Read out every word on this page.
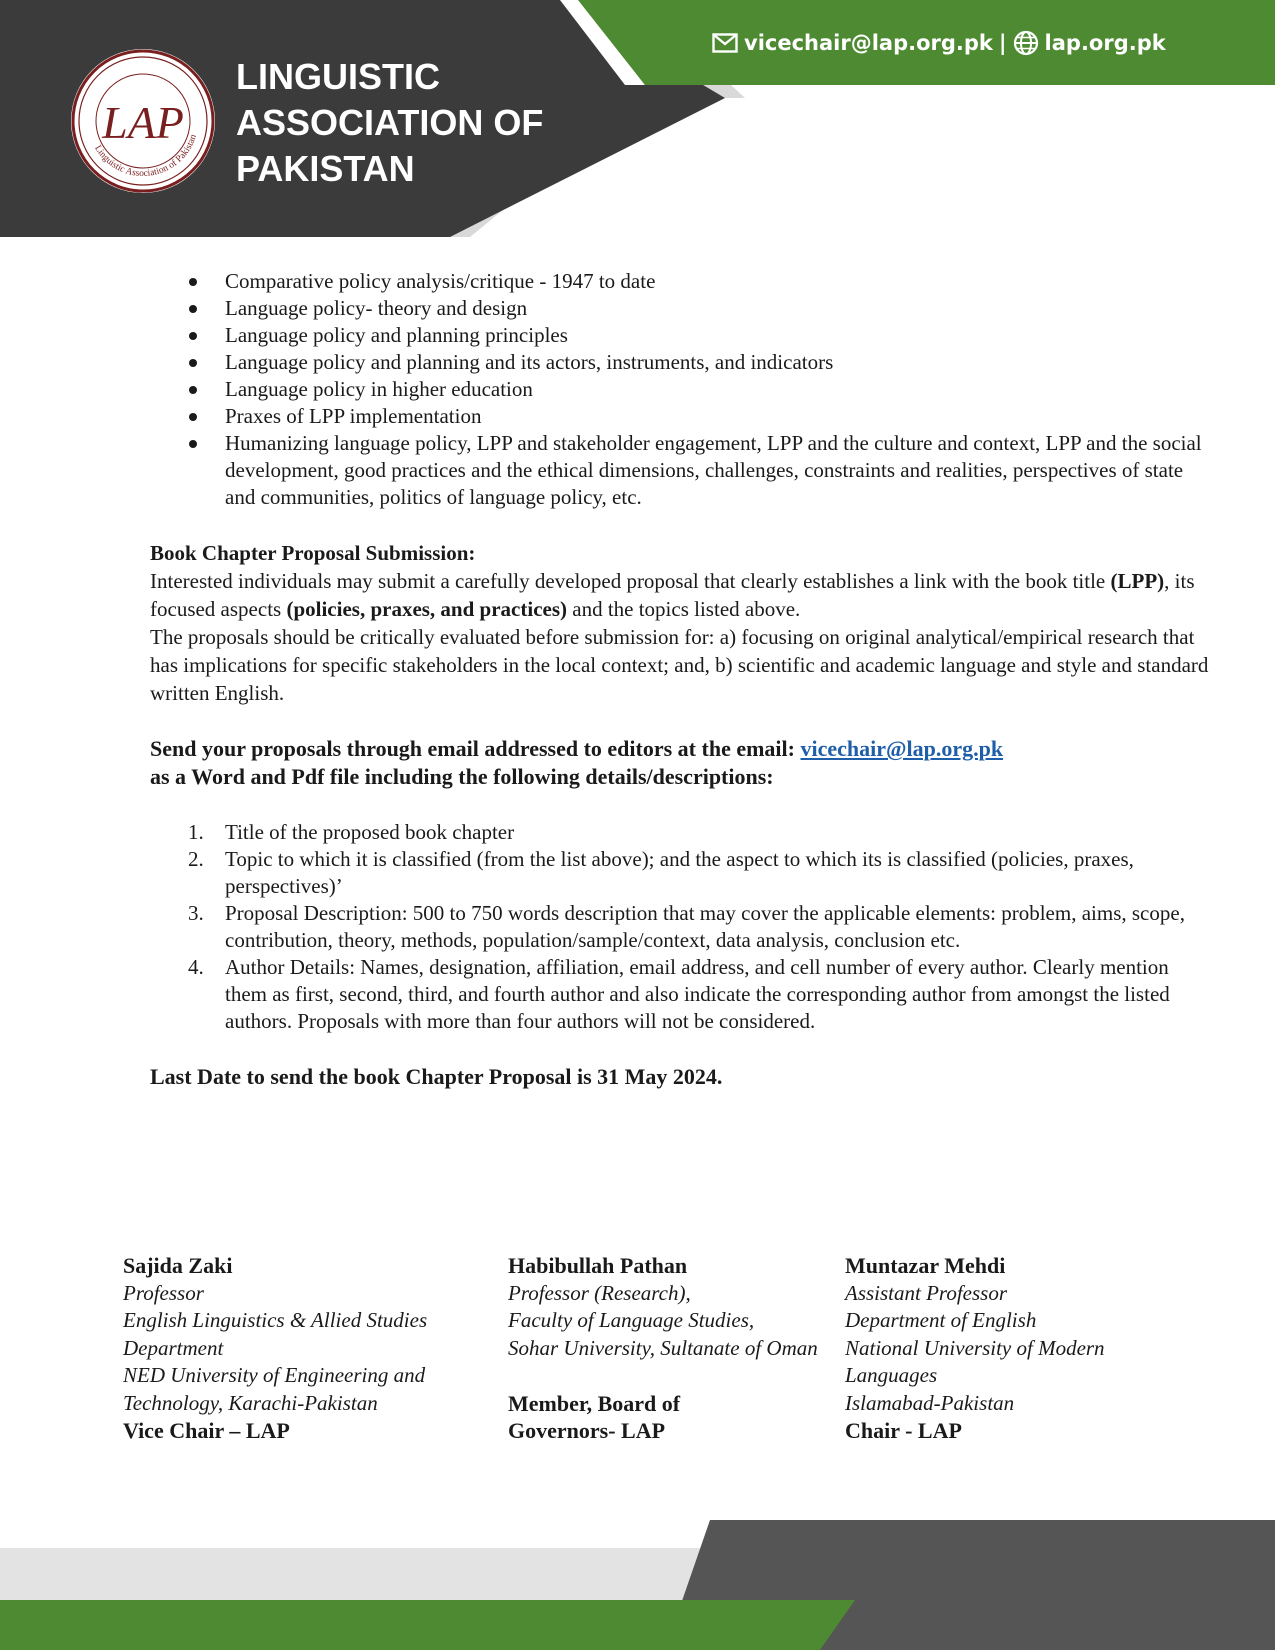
vicechair@lap.org.pk | lap.org.pk
Linguistic Association of Pakistan
LAP
LINGUISTIC
ASSOCIATION OF
PAKISTAN
Comparative policy analysis/critique - 1947 to date
Language policy- theory and design
Language policy and planning principles
Language policy and planning and its actors, instruments, and indicators
Language policy in higher education
Praxes of LPP implementation
Humanizing language policy, LPP and stakeholder engagement, LPP and the culture and context, LPP and the social development, good practices and the ethical dimensions, challenges, constraints and realities, perspectives of state and communities, politics of language policy, etc.
Book Chapter Proposal Submission:

Interested individuals may submit a carefully developed proposal that clearly establishes a link with the book title (LPP), its focused aspects (policies, praxes, and practices) and the topics listed above.

The proposals should be critically evaluated before submission for: a) focusing on original analytical/empirical research that has implications for specific stakeholders in the local context; and, b) scientific and academic language and style and standard written English.

Send your proposals through email addressed to editors at the email: vicechair@lap.org.pk
as a Word and Pdf file including the following details/descriptions:
1. Title of the proposed book chapter
2. Topic to which it is classified (from the list above); and the aspect to which its is classified (policies, praxes, perspectives)’
3. Proposal Description: 500 to 750 words description that may cover the applicable elements: problem, aims, scope, contribution, theory, methods, population/sample/context, data analysis, conclusion etc.
4. Author Details: Names, designation, affiliation, email address, and cell number of every author. Clearly mention them as first, second, third, and fourth author and also indicate the corresponding author from amongst the listed authors. Proposals with more than four authors will not be considered.
Last Date to send the book Chapter Proposal is 31 May 2024.
Sajida Zaki
Professor
English Linguistics & Allied Studies
Department
NED University of Engineering and
Technology, Karachi-Pakistan
Vice Chair – LAP
Habibullah Pathan
Professor (Research),
Faculty of Language Studies,
Sohar University, Sultanate of Oman
Member, Board of
Governors- LAP
Muntazar Mehdi
Assistant Professor
Department of English
National University of Modern
Languages
Islamabad-Pakistan
Chair - LAP
